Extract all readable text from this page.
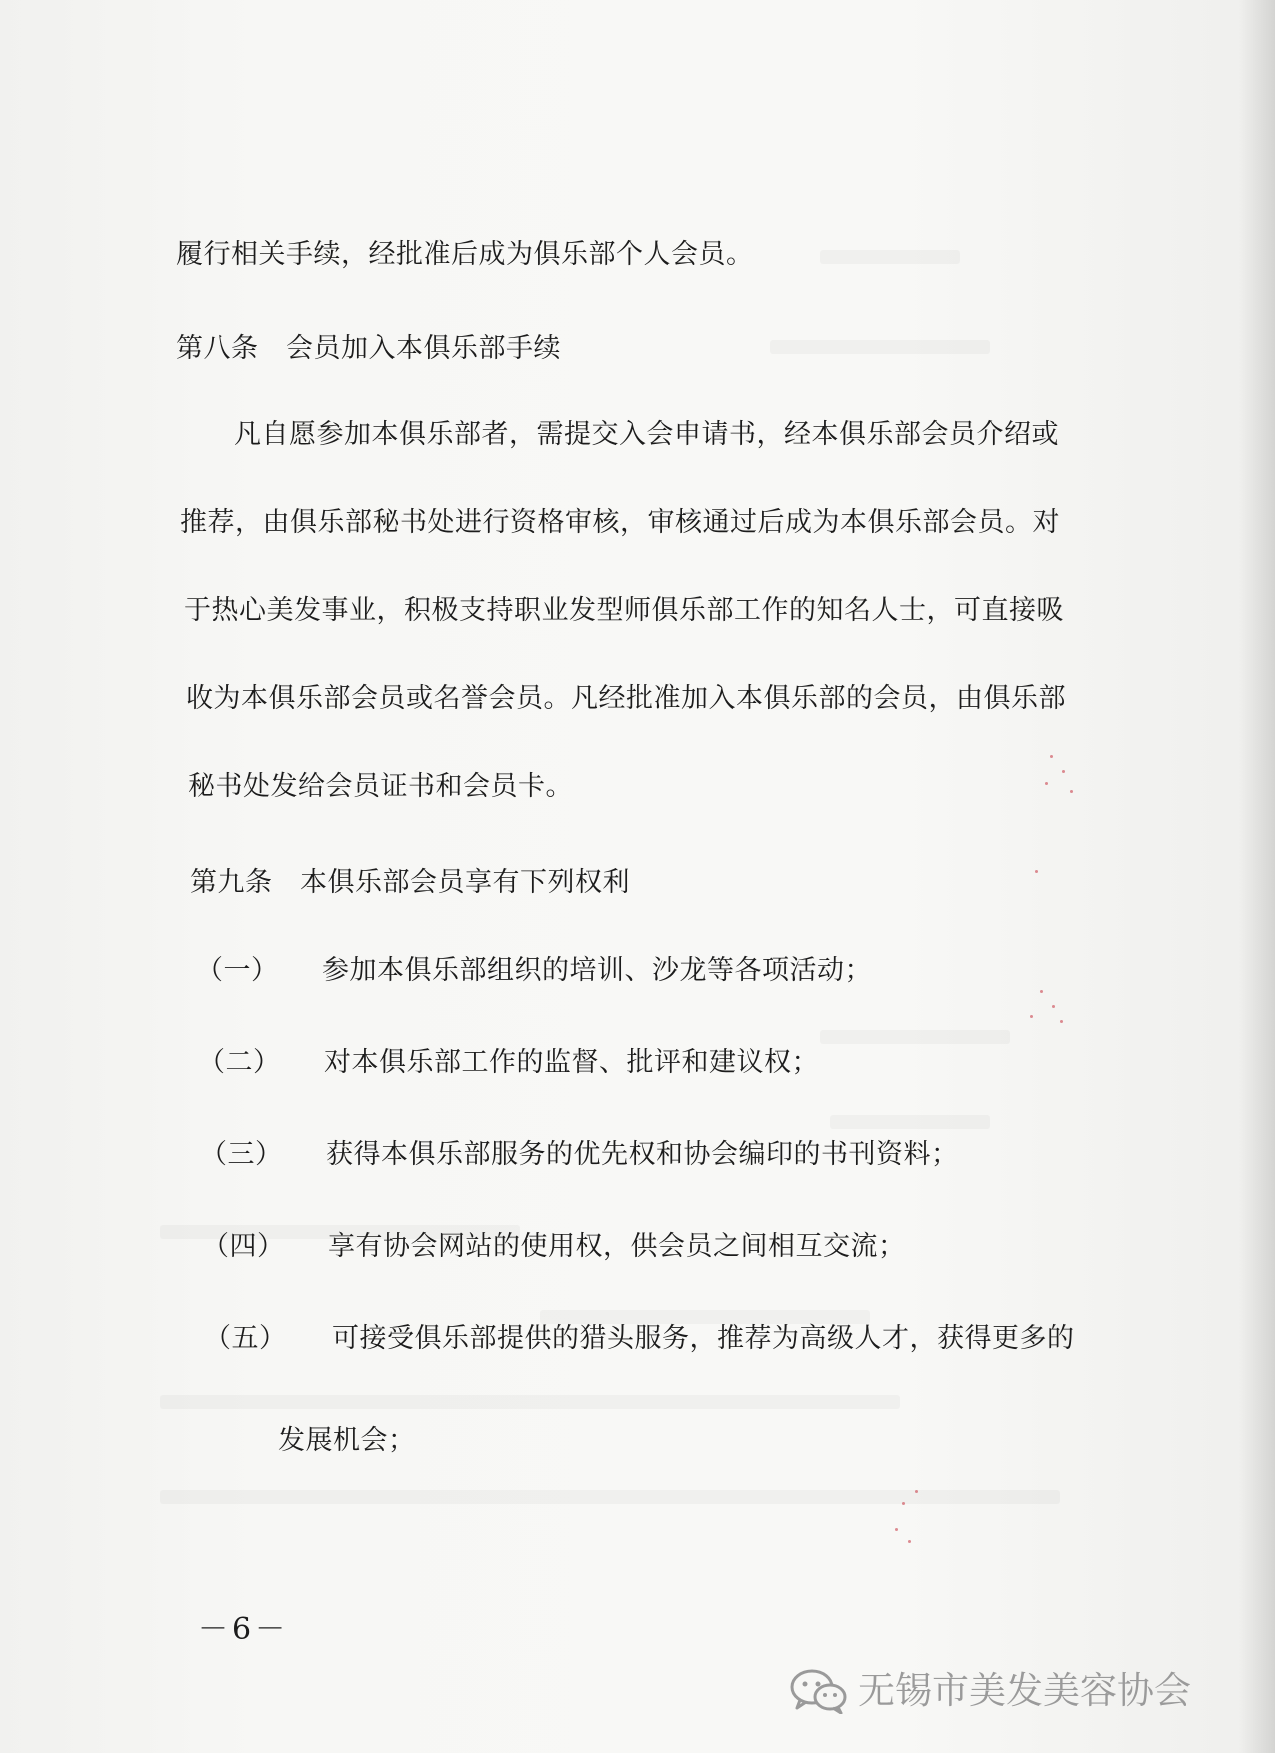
履行相关手续，经批准后成为俱乐部个人会员。
第八条　会员加入本俱乐部手续
凡自愿参加本俱乐部者，需提交入会申请书，经本俱乐部会员介绍或
推荐，由俱乐部秘书处进行资格审核，审核通过后成为本俱乐部会员。对
于热心美发事业，积极支持职业发型师俱乐部工作的知名人士，可直接吸
收为本俱乐部会员或名誉会员。凡经批准加入本俱乐部的会员，由俱乐部
秘书处发给会员证书和会员卡。
第九条　本俱乐部会员享有下列权利
（一） 参加本俱乐部组织的培训、沙龙等各项活动；
（二） 对本俱乐部工作的监督、批评和建议权；
（三） 获得本俱乐部服务的优先权和协会编印的书刊资料；
（四） 享有协会网站的使用权，供会员之间相互交流；
（五） 可接受俱乐部提供的猎头服务，推荐为高级人才，获得更多的
发展机会；
－6－
无锡市美发美容协会
